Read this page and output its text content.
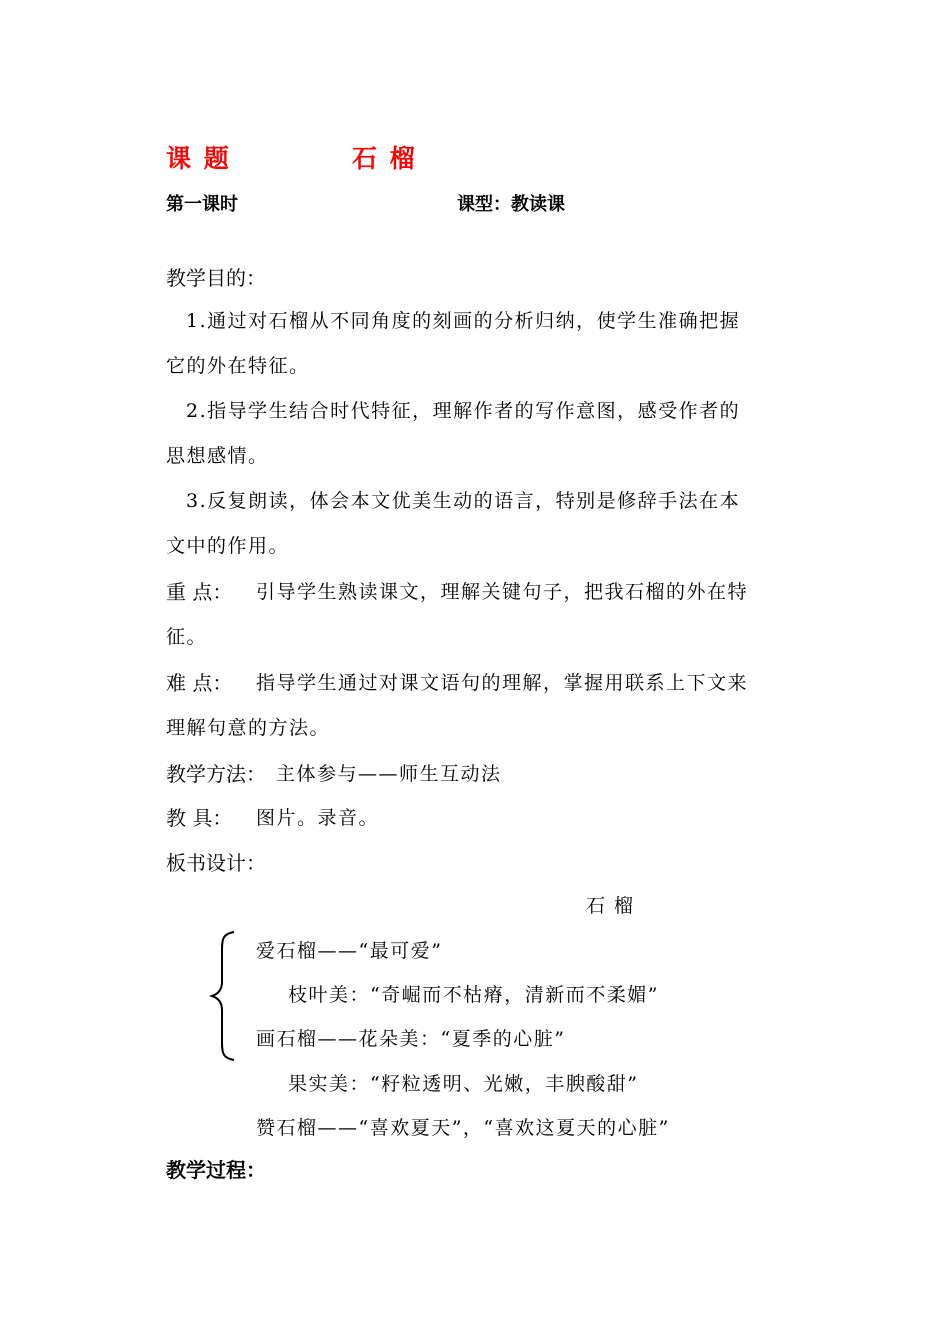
课 题	石 榴
第一课时	课型：教读课
教学目的：
1.通过对石榴从不同角度的刻画的分析归纳，使学生准确把握
它的外在特征。
2.指导学生结合时代特征，理解作者的写作意图，感受作者的
思想感情。
3.反复朗读，体会本文优美生动的语言，特别是修辞手法在本
文中的作用。
重 点： 引导学生熟读课文，理解关键句子，把我石榴的外在特
征。
难 点： 指导学生通过对课文语句的理解，掌握用联系上下文来
理解句意的方法。
教学方法： 主体参与——师生互动法
教 具： 图片。录音。
板书设计：
石 榴
爱石榴——“最可爱”
枝叶美：“奇崛而不枯瘠，清新而不柔媚”
画石榴——花朵美：“夏季的心脏”
果实美：“籽粒透明、光嫩，丰腴酸甜”
赞石榴——“喜欢夏天”，“喜欢这夏天的心脏”
教学过程：
